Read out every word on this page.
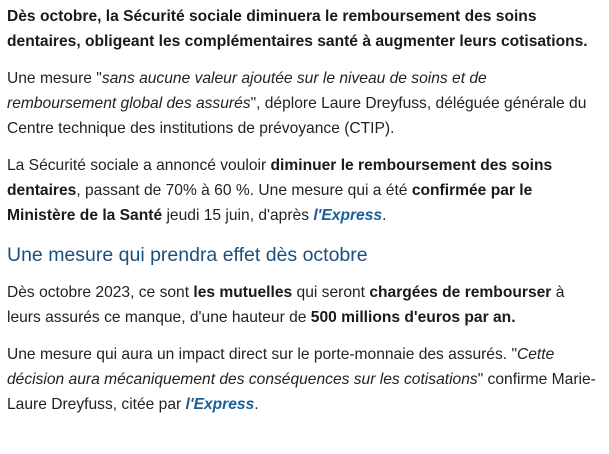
Dès octobre, la Sécurité sociale diminuera le remboursement des soins dentaires, obligeant les complémentaires santé à augmenter leurs cotisations.

Une mesure "sans aucune valeur ajoutée sur le niveau de soins et de remboursement global des assurés", déplore Laure Dreyfuss, déléguée générale du Centre technique des institutions de prévoyance (CTIP).

La Sécurité sociale a annoncé vouloir diminuer le remboursement des soins dentaires, passant de 70% à 60 %. Une mesure qui a été confirmée par le Ministère de la Santé jeudi 15 juin, d'après l'Express.

Une mesure qui prendra effet dès octobre

Dès octobre 2023, ce sont les mutuelles qui seront chargées de rembourser à leurs assurés ce manque, d'une hauteur de 500 millions d'euros par an.

Une mesure qui aura un impact direct sur le porte-monnaie des assurés. "Cette décision aura mécaniquement des conséquences sur les cotisations" confirme Marie-Laure Dreyfuss, citée par l'Express.
